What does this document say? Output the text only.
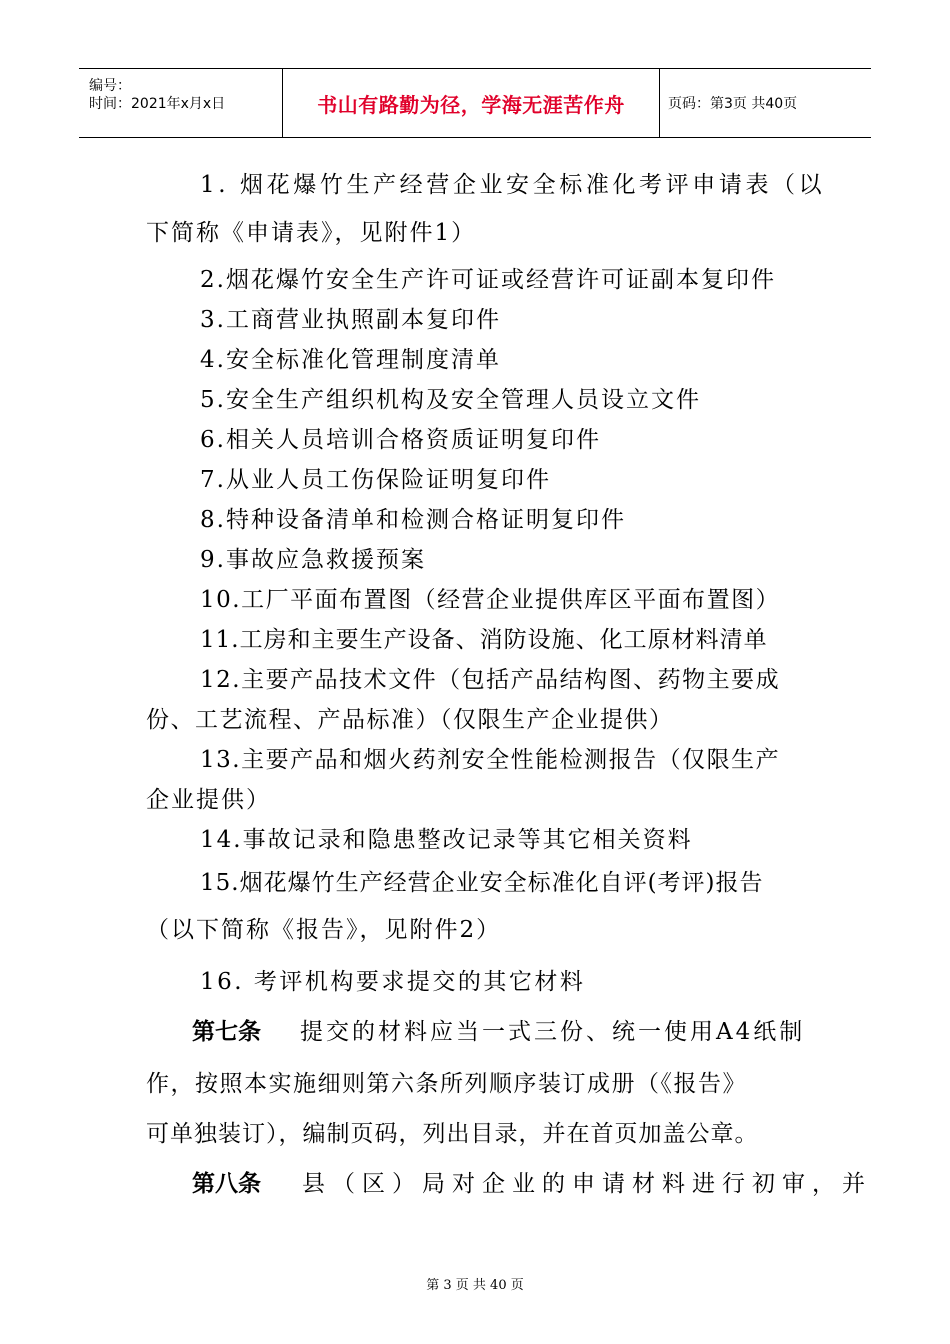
编号：
时间：2021年x月x日	书山有路勤为径，学海无涯苦作舟	页码：第3页 共40页
1. 烟花爆竹生产经营企业安全标准化考评申请表（以
下简称《申请表》，见附件1）
2.烟花爆竹安全生产许可证或经营许可证副本复印件
3.工商营业执照副本复印件
4.安全标准化管理制度清单
5.安全生产组织机构及安全管理人员设立文件
6.相关人员培训合格资质证明复印件
7.从业人员工伤保险证明复印件
8.特种设备清单和检测合格证明复印件
9.事故应急救援预案
10.工厂平面布置图（经营企业提供库区平面布置图）
11.工房和主要生产设备、消防设施、化工原材料清单
12.主要产品技术文件（包括产品结构图、药物主要成
份、工艺流程、产品标准）（仅限生产企业提供）
13.主要产品和烟火药剂安全性能检测报告（仅限生产
企业提供）
14.事故记录和隐患整改记录等其它相关资料
15.烟花爆竹生产经营企业安全标准化自评(考评)报告
（以下简称《报告》，见附件2）
16. 考评机构要求提交的其它材料
第七条 提交的材料应当一式三份、统一使用A4纸制
作，按照本实施细则第六条所列顺序装订成册（《报告》
可单独装订），编制页码，列出目录，并在首页加盖公章。
第八条 县（区）局对企业的申请材料进行初审，并
第 3 页 共 40 页
